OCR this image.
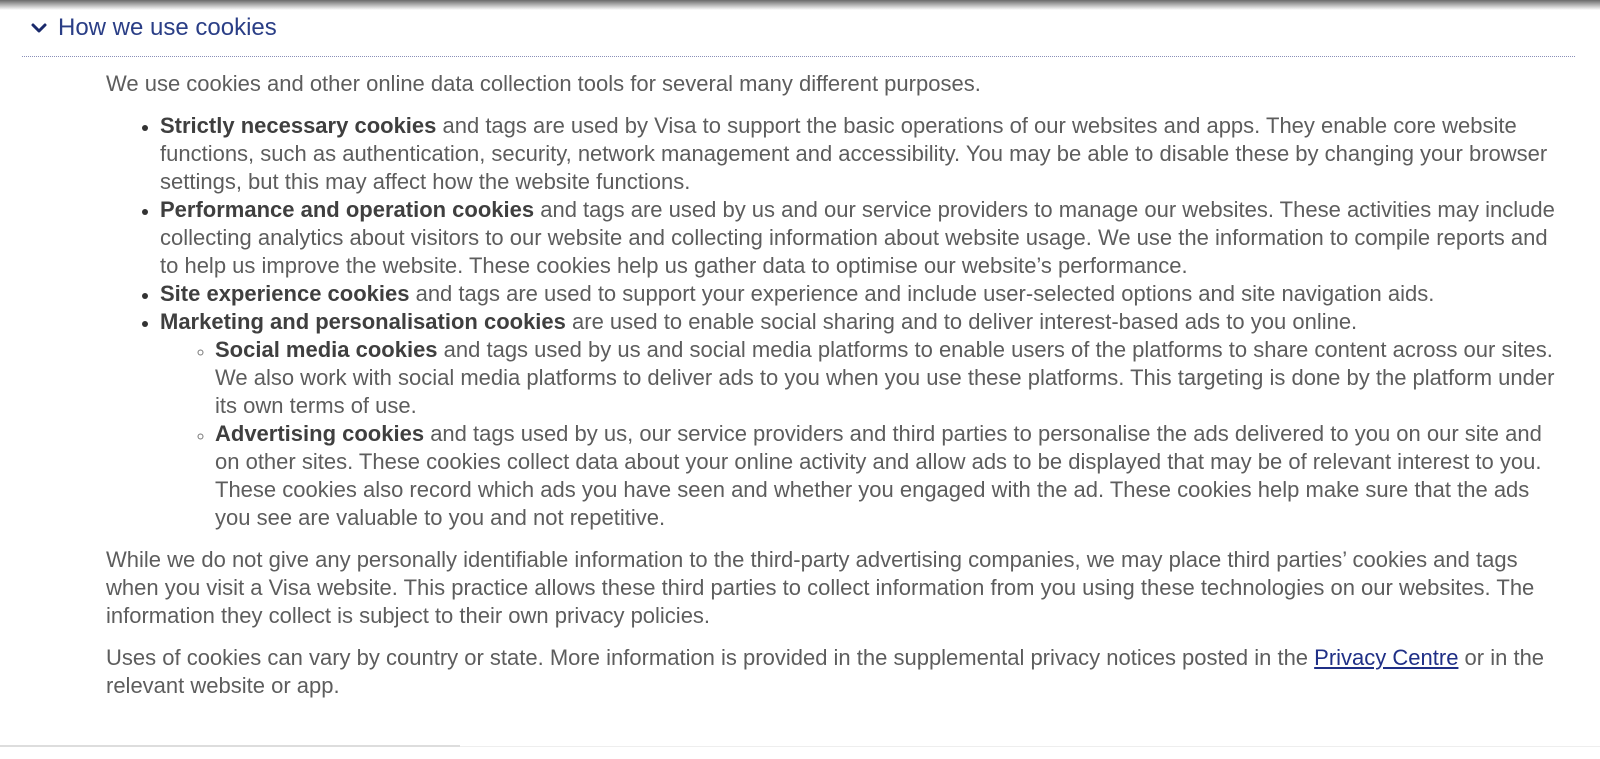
How we use cookies

We use cookies and other online data collection tools for several many different purposes.

• Strictly necessary cookies and tags are used by Visa to support the basic operations of our websites and apps. They enable core website functions, such as authentication, security, network management and accessibility. You may be able to disable these by changing your browser settings, but this may affect how the website functions.
• Performance and operation cookies and tags are used by us and our service providers to manage our websites. These activities may include collecting analytics about visitors to our website and collecting information about website usage. We use the information to compile reports and to help us improve the website. These cookies help us gather data to optimise our website’s performance.
• Site experience cookies and tags are used to support your experience and include user-selected options and site navigation aids.
• Marketing and personalisation cookies are used to enable social sharing and to deliver interest-based ads to you online.
◦ Social media cookies and tags used by us and social media platforms to enable users of the platforms to share content across our sites. We also work with social media platforms to deliver ads to you when you use these platforms. This targeting is done by the platform under its own terms of use.
◦ Advertising cookies and tags used by us, our service providers and third parties to personalise the ads delivered to you on our site and on other sites. These cookies collect data about your online activity and allow ads to be displayed that may be of relevant interest to you. These cookies also record which ads you have seen and whether you engaged with the ad. These cookies help make sure that the ads you see are valuable to you and not repetitive.

While we do not give any personally identifiable information to the third-party advertising companies, we may place third parties’ cookies and tags when you visit a Visa website. This practice allows these third parties to collect information from you using these technologies on our websites. The information they collect is subject to their own privacy policies.

Uses of cookies can vary by country or state. More information is provided in the supplemental privacy notices posted in the Privacy Centre or in the relevant website or app.
